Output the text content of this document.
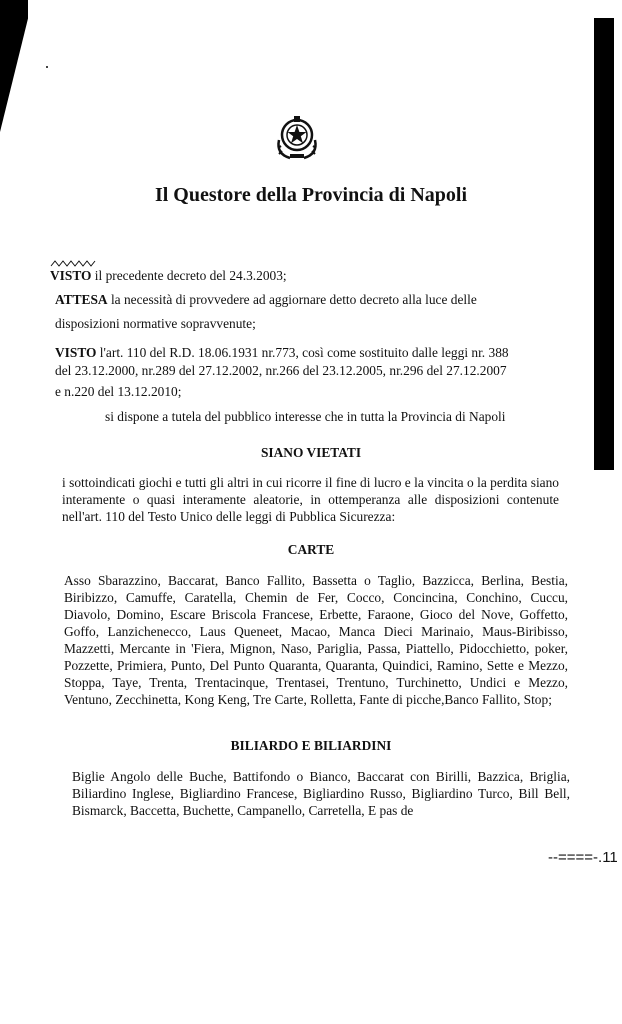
Il Questore della Provincia di Napoli

VISTO il precedente decreto del 24.3.2003;

ATTESA la necessità di provvedere ad aggiornare detto decreto alla luce delle

disposizioni normative sopravvenute;

VISTO l'art. 110 del R.D. 18.06.1931 nr.773, così come sostituito dalle leggi nr. 388

del 23.12.2000, nr.289 del 27.12.2002, nr.266 del 23.12.2005, nr.296 del 27.12.2007

e n.220 del 13.12.2010;

si dispone a tutela del pubblico interesse che in tutta la Provincia di Napoli

SIANO VIETATI

i sottoindicati giochi e tutti gli altri in cui ricorre il fine di lucro e la vincita o la perdita siano interamente o quasi interamente aleatorie, in ottemperanza alle disposizioni contenute nell'art. 110 del Testo Unico delle leggi di Pubblica Sicurezza:

CARTE

Asso Sbarazzino, Baccarat, Banco Fallito, Bassetta o Taglio, Bazzicca, Berlina, Bestia, Biribizzo, Camuffe, Caratella, Chemin de Fer, Cocco, Concincina, Conchino, Cuccu, Diavolo, Domino, Escare Briscola Francese, Erbette, Faraone, Gioco del Nove, Goffetto, Goffo, Lanzichenecco, Laus Queneet, Macao, Manca Dieci Marinaio, Maus-Biribisso, Mazzetti, Mercante in 'Fiera, Mignon, Naso, Pariglia, Passa, Piattello, Pidocchietto, poker, Pozzette, Primiera, Punto, Del Punto Quaranta, Quaranta, Quindici, Ramino, Sette e Mezzo, Stoppa, Taye, Trenta, Trentacinque, Trentasei, Trentuno, Turchinetto, Undici e Mezzo, Ventuno, Zecchinetta, Kong Keng, Tre Carte, Rolletta, Fante di picche,Banco Fallito, Stop;

BILIARDO E BILIARDINI

Biglie Angolo delle Buche, Battifondo o Bianco, Baccarat con Birilli, Bazzica, Briglia, Biliardino Inglese, Bigliardino Francese, Bigliardino Russo, Bigliardino Turco, Bill Bell, Bismarck, Baccetta, Buchette, Campanello, Carretella, E pas de

--====-.11
